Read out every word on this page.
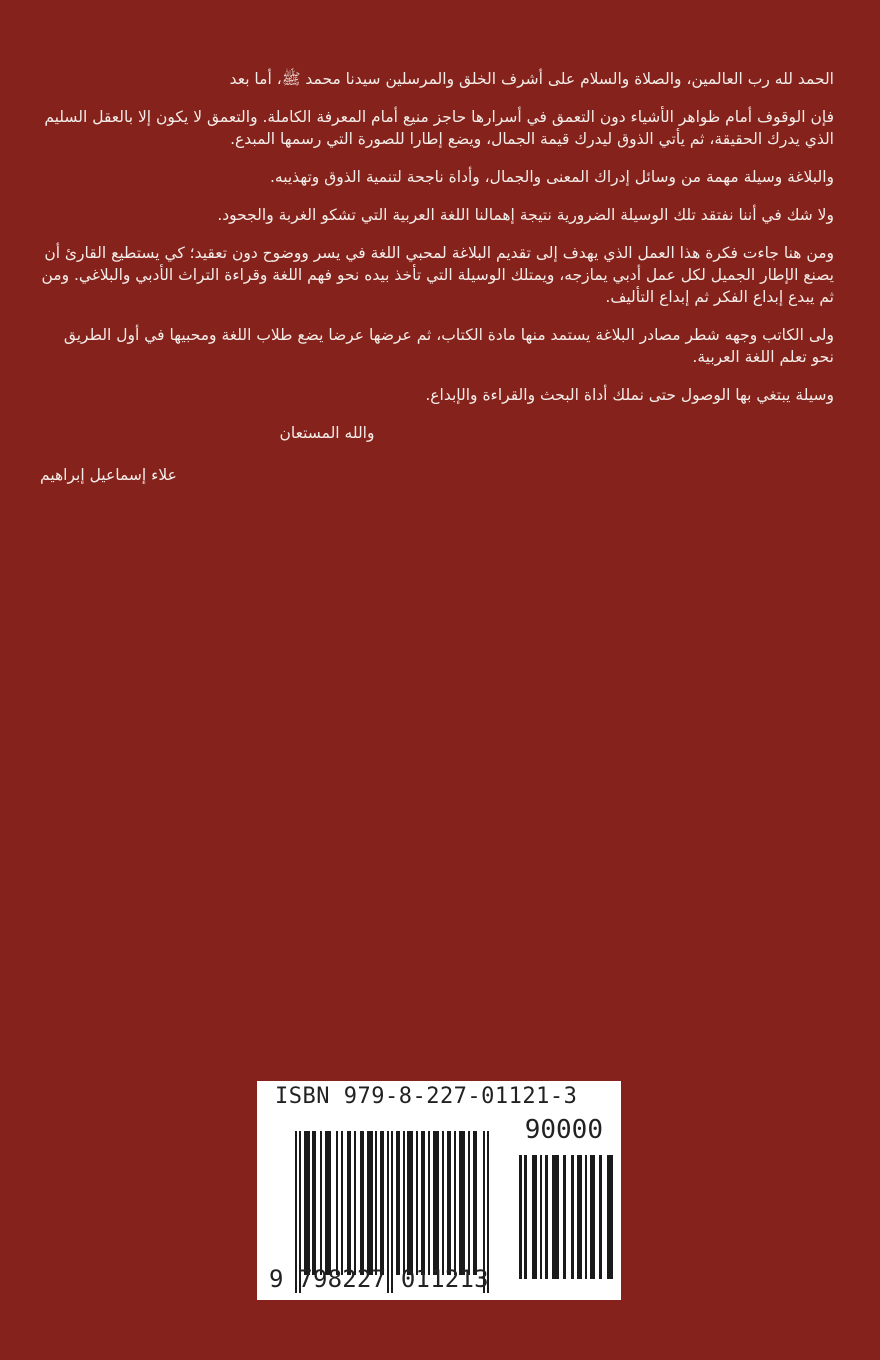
الحمد لله رب العالمين، والصلاة والسلام على أشرف الخلق والمرسلين سيدنا محمد ﷺ، أما بعد

فإن الوقوف أمام ظواهر الأشياء دون التعمق في أسرارها حاجز منيع أمام المعرفة الكاملة. والتعمق لا يكون إلا بالعقل السليم الذي يدرك الحقيقة، ثم يأتي الذوق ليدرك قيمة الجمال، ويضع إطارا للصورة التي رسمها المبدع.

والبلاغة وسيلة مهمة من وسائل إدراك المعنى والجمال، وأداة ناجحة لتنمية الذوق وتهذيبه.

ولا شك في أننا نفتقد تلك الوسيلة الضرورية نتيجة إهمالنا اللغة العربية التي تشكو الغربة والجحود.

ومن هنا جاءت فكرة هذا العمل الذي يهدف إلى تقديم البلاغة لمحبي اللغة في يسر ووضوح دون تعقيد؛ كي يستطيع القارئ أن يصنع الإطار الجميل لكل عمل أدبي يمازجه، ويمتلك الوسيلة التي تأخذ بيده نحو فهم اللغة وقراءة التراث الأدبي والبلاغي. ومن ثم يبدع إبداع الفكر ثم إبداع التأليف.

ولى الكاتب وجهه شطر مصادر البلاغة يستمد منها مادة الكتاب، ثم عرضها عرضا يضع طلاب اللغة ومحبيها في أول الطريق نحو تعلم اللغة العربية.

وسيلة يبتغي بها الوصول حتى نملك أداة البحث والقراءة والإبداع.

والله المستعان

علاء إسماعيل إبراهيم

ISBN 979-8-227-01121-3
90000
9 798227 011213
